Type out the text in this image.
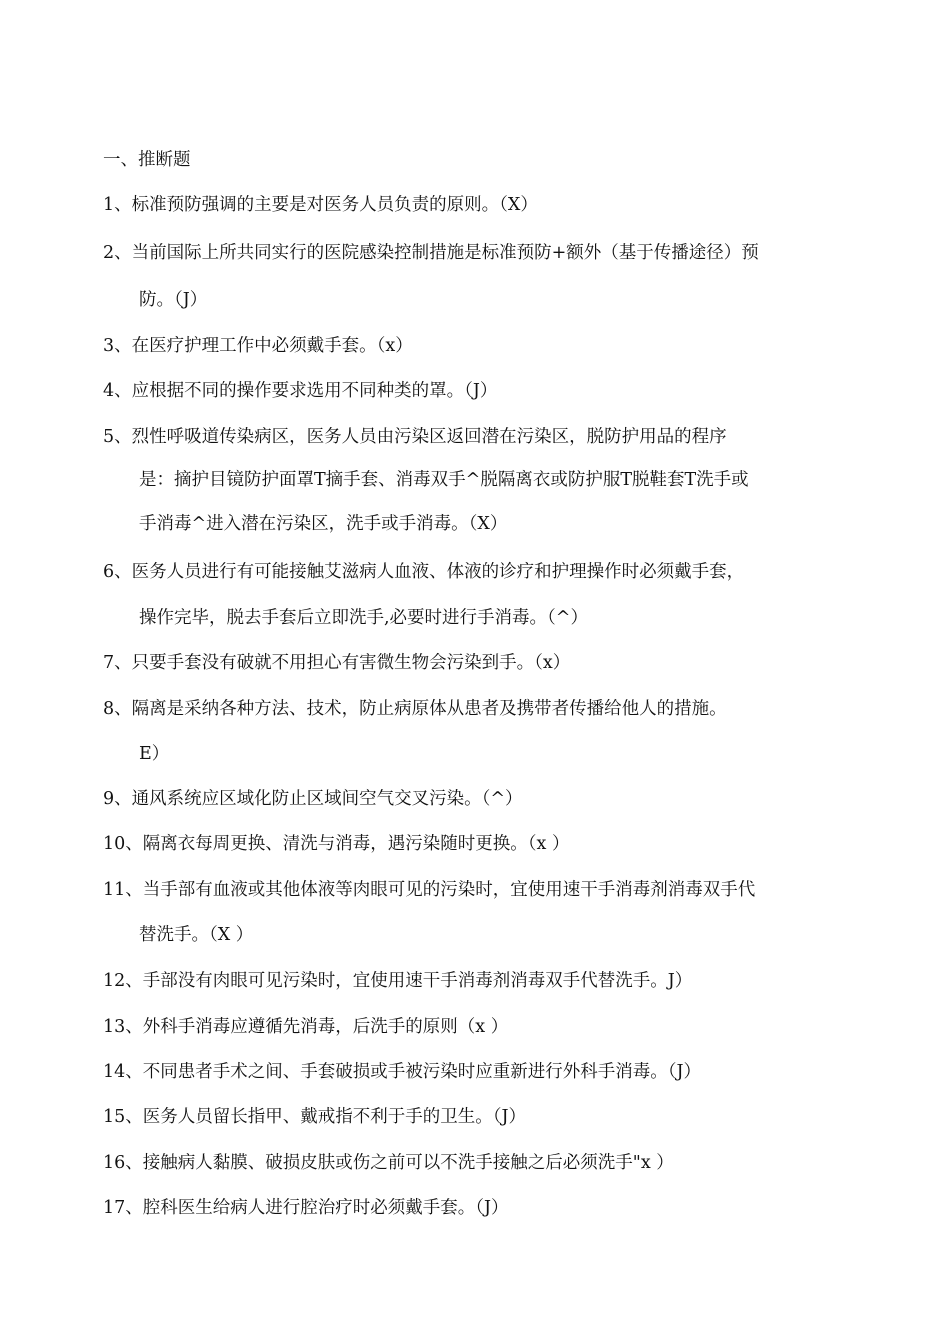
一、推断题
1、标准预防强调的主要是对医务人员负责的原则。（X）
2、当前国际上所共同实行的医院感染控制措施是标准预防+额外（基于传播途径）预
防。（J）
3、在医疗护理工作中必须戴手套。（x）
4、应根据不同的操作要求选用不同种类的罩。（J）
5、烈性呼吸道传染病区，医务人员由污染区返回潜在污染区，脱防护用品的程序
是：摘护目镜防护面罩T摘手套、消毒双手^脱隔离衣或防护服T脱鞋套T洗手或
手消毒^进入潜在污染区，洗手或手消毒。（X）
6、医务人员进行有可能接触艾滋病人血液、体液的诊疗和护理操作时必须戴手套，
操作完毕，脱去手套后立即洗手,必要时进行手消毒。（^）
7、只要手套没有破就不用担心有害微生物会污染到手。（x）
8、隔离是采纳各种方法、技术，防止病原体从患者及携带者传播给他人的措施。
E）
9、通风系统应区域化防止区域间空气交叉污染。（^）
10、隔离衣每周更换、清洗与消毒，遇污染随时更换。（x ）
11、当手部有血液或其他体液等肉眼可见的污染时，宜使用速干手消毒剂消毒双手代
替洗手。（X ）
12、手部没有肉眼可见污染时，宜使用速干手消毒剂消毒双手代替洗手。J）
13、外科手消毒应遵循先消毒，后洗手的原则（x ）
14、不同患者手术之间、手套破损或手被污染时应重新进行外科手消毒。（J）
15、医务人员留长指甲、戴戒指不利于手的卫生。（J）
16、接触病人黏膜、破损皮肤或伤之前可以不洗手接触之后必须洗手"x ）
17、腔科医生给病人进行腔治疗时必须戴手套。（J）
